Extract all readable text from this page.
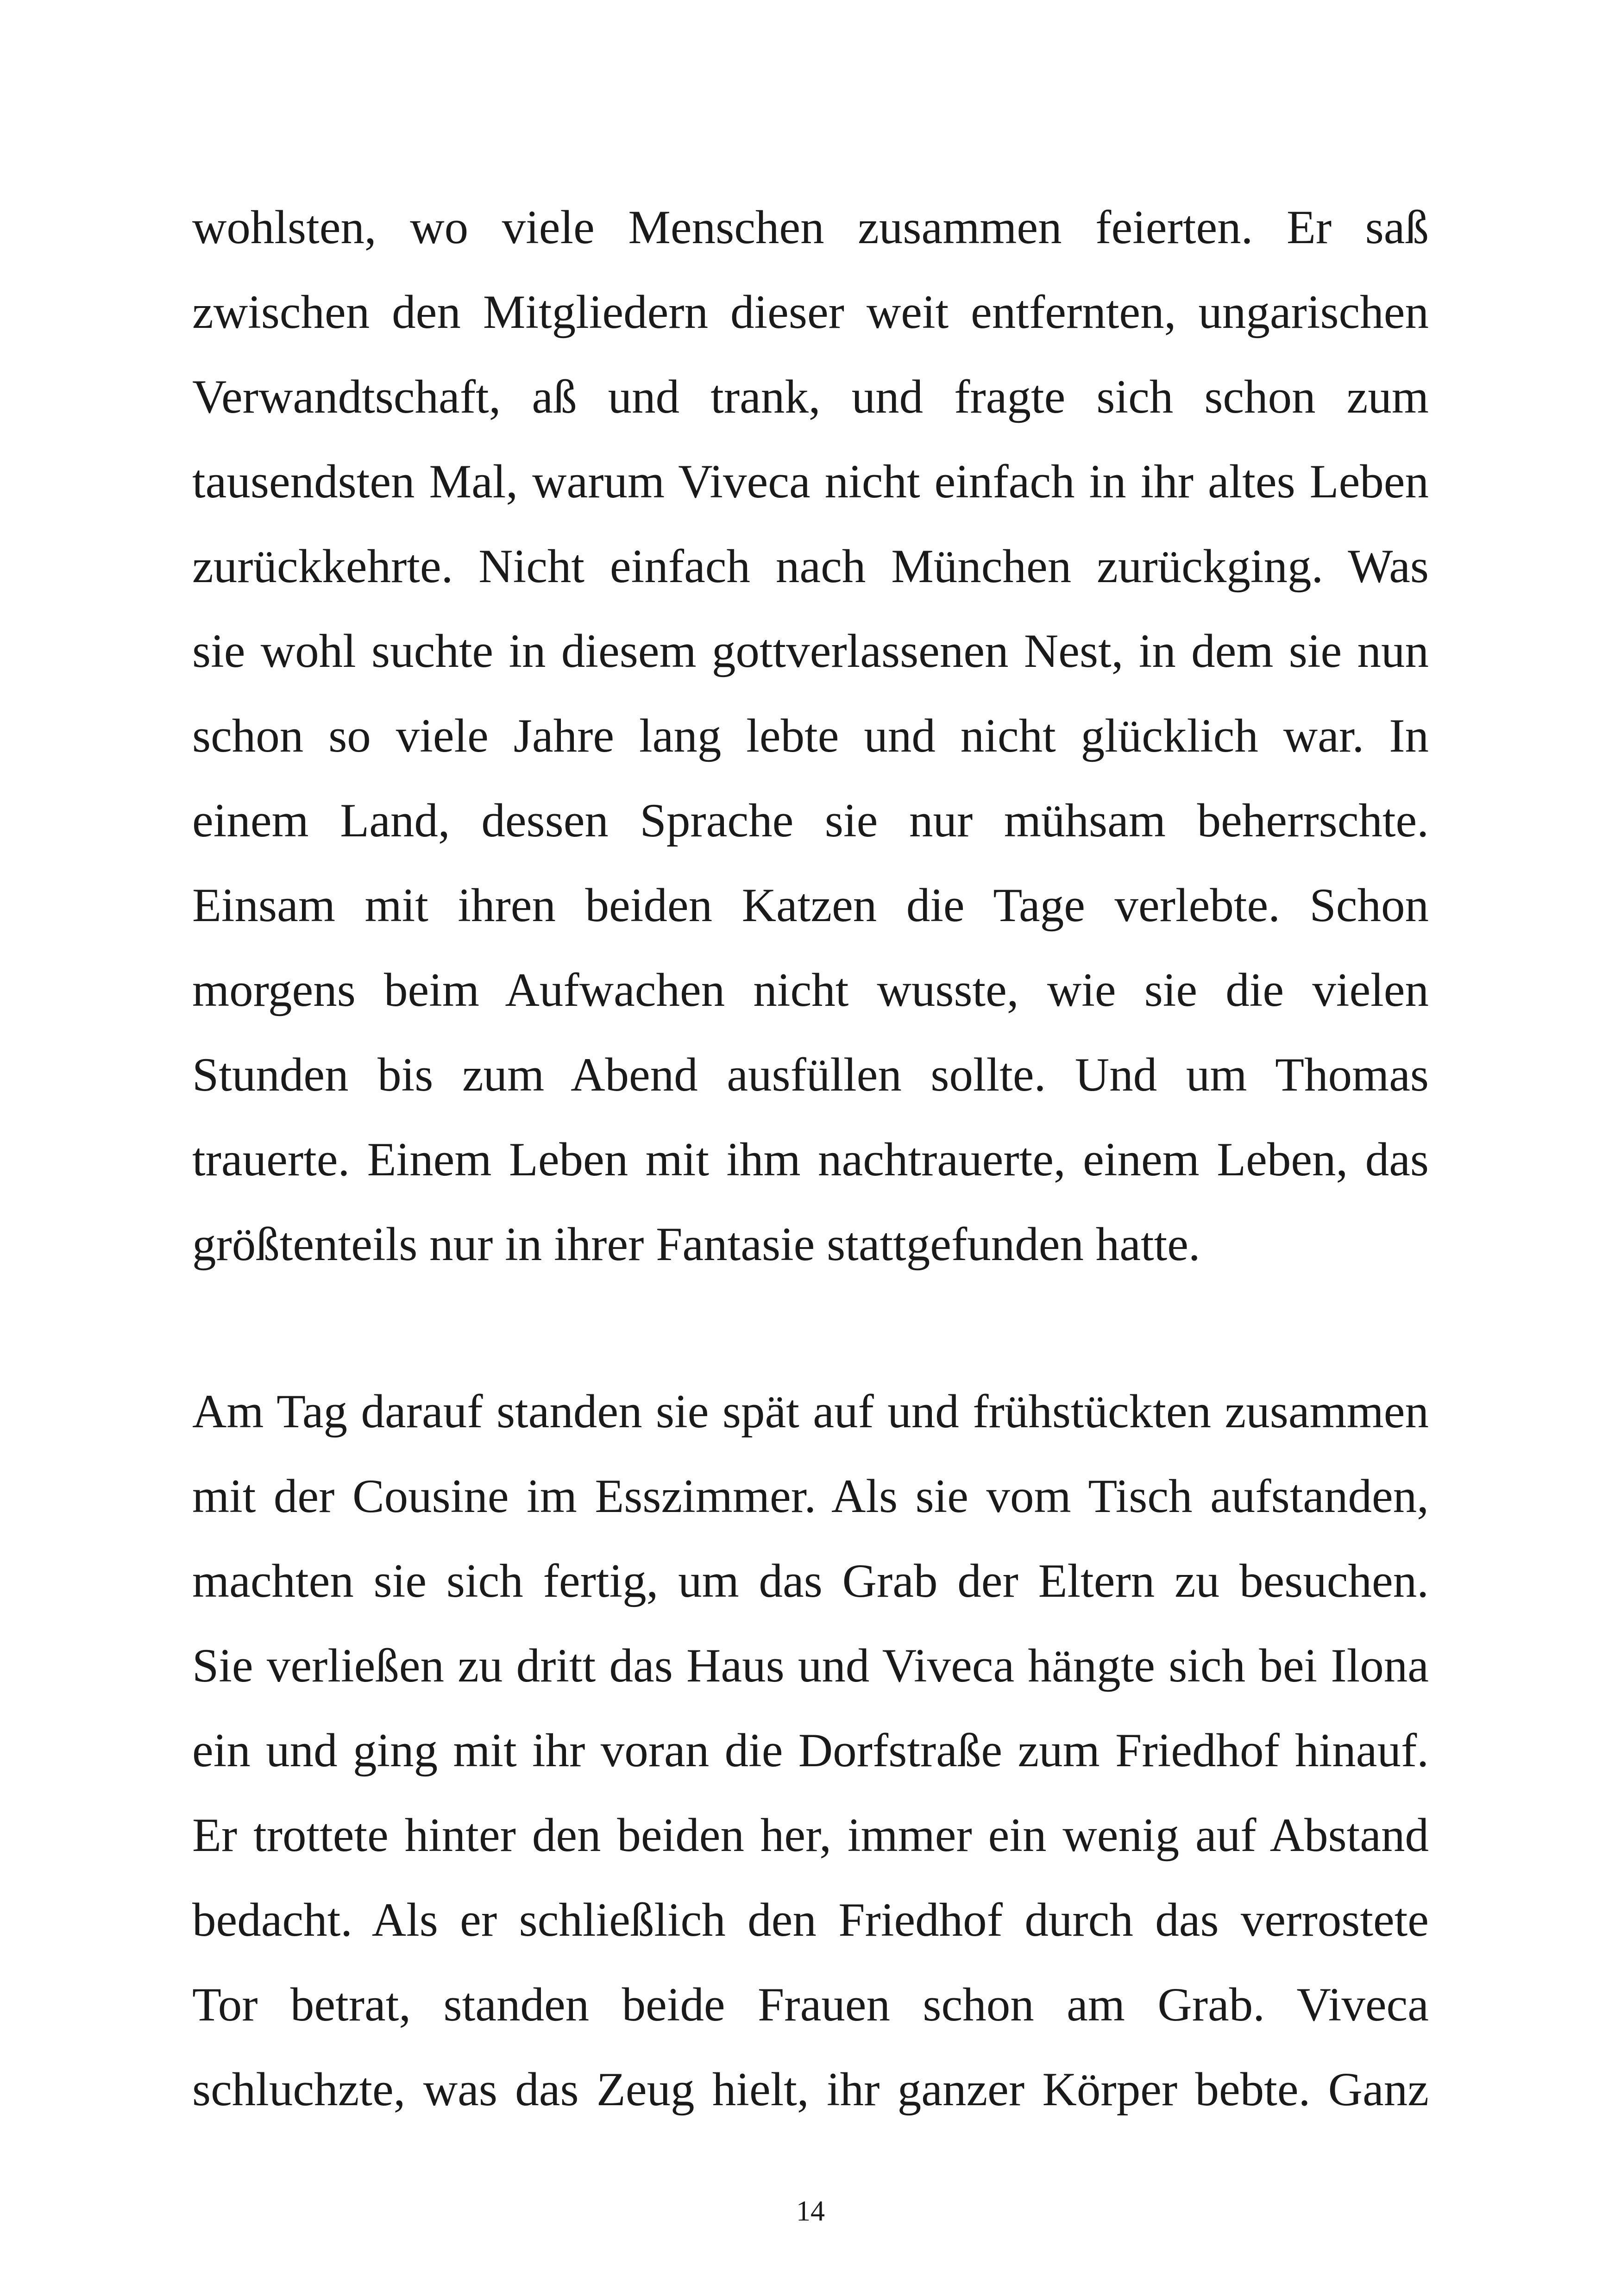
wohlsten, wo viele Menschen zusammen feierten. Er saß
zwischen den Mitgliedern dieser weit entfernten, ungarischen
Verwandtschaft, aß und trank, und fragte sich schon zum
tausendsten Mal, warum Viveca nicht einfach in ihr altes Leben
zurückkehrte. Nicht einfach nach München zurückging. Was
sie wohl suchte in diesem gottverlassenen Nest, in dem sie nun
schon so viele Jahre lang lebte und nicht glücklich war. In
einem Land, dessen Sprache sie nur mühsam beherrschte.
Einsam mit ihren beiden Katzen die Tage verlebte. Schon
morgens beim Aufwachen nicht wusste, wie sie die vielen
Stunden bis zum Abend ausfüllen sollte. Und um Thomas
trauerte. Einem Leben mit ihm nachtrauerte, einem Leben, das
größtenteils nur in ihrer Fantasie stattgefunden hatte.
Am Tag darauf standen sie spät auf und frühstückten zusammen
mit der Cousine im Esszimmer. Als sie vom Tisch aufstanden,
machten sie sich fertig, um das Grab der Eltern zu besuchen.
Sie verließen zu dritt das Haus und Viveca hängte sich bei Ilona
ein und ging mit ihr voran die Dorfstraße zum Friedhof hinauf.
Er trottete hinter den beiden her, immer ein wenig auf Abstand
bedacht. Als er schließlich den Friedhof durch das verrostete
Tor betrat, standen beide Frauen schon am Grab. Viveca
schluchzte, was das Zeug hielt, ihr ganzer Körper bebte. Ganz
14
